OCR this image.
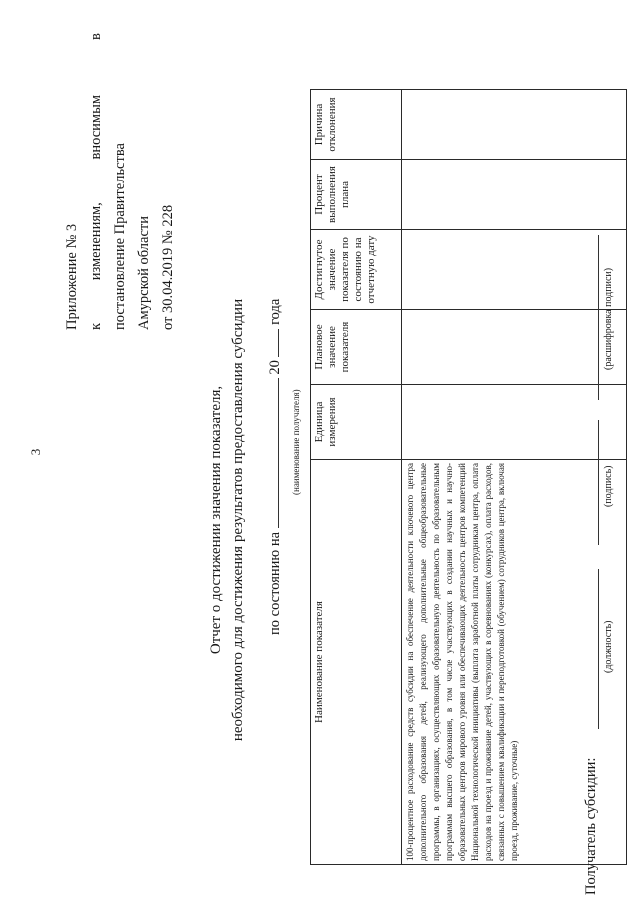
3
Приложение № 3 к
изменениям,
вносимым
в
постановление Правительства Амурской области от 30.04.2019 № 228
Отчет о достижении значения показателя, необходимого для достижения результатов предоставления субсидии по состоянию на  20  года
(наименование получателя)
Наименование показателя	Единица измерения	Плановое значение показателя	Достигнутое значение показателя по состоянию на отчетную дату	Процент выполнения плана	Причина отклонения
100-процентное расходование средств субсидии на обеспечение деятельности ключевого центра дополнительного образования детей, реализующего дополнительные общеобразовательные программы, в организациях, осуществляющих образовательную деятельность по образовательным программам высшего образования, в том числе участвующих в создании научных и научно-образовательных центров мирового уровня или обеспечивающих деятельность центров компетенций Национальной технологической инициативы (выплата заработной платы сотрудникам центра, оплата расходов на проезд и проживание детей, участвующих в соревнованиях (конкурсах), оплата расходов, связанных с повышением квалификации и переподготовкой (обучением) сотрудников центра, включая проезд, проживание, суточные)						Получатель субсидии:
(должность)
(подпись)
(расшифровка подписи)
